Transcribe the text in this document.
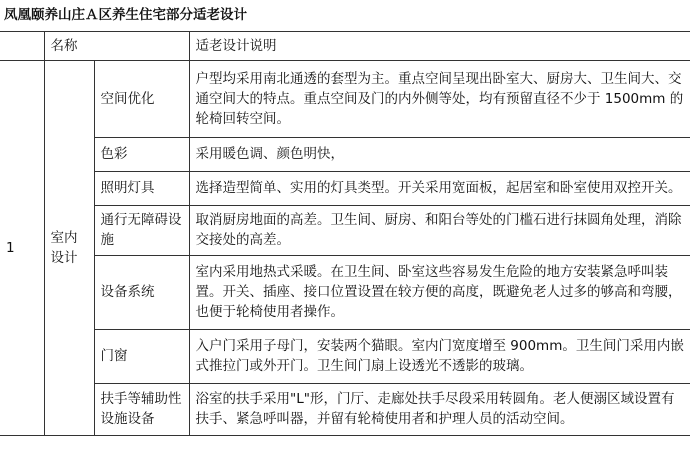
凤凰颐养山庄Ａ区养生住宅部分适老设计
	名称		适老设计说明
1	室内设计	空间优化	户型均采用南北通透的套型为主。重点空间呈现出卧室大、厨房大、卫生间大、交通空间大的特点。重点空间及门的内外侧等处，均有预留直径不少于 1500mm 的轮椅回转空间。
		色彩	采用暖色调、颜色明快，
		照明灯具	选择造型简单、实用的灯具类型。开关采用宽面板，起居室和卧室使用双控开关。
		通行无障碍设施	取消厨房地面的高差。卫生间、厨房、和阳台等处的门槛石进行抹圆角处理，消除交接处的高差。
		设备系统	室内采用地热式采暖。在卫生间、卧室这些容易发生危险的地方安装紧急呼叫装置。开关、插座、接口位置设置在较方便的高度，既避免老人过多的够高和弯腰，也便于轮椅使用者操作。
		门窗	入户门采用子母门，安装两个猫眼。室内门宽度增至 900mm。卫生间门采用内嵌式推拉门或外开门。卫生间门扇上设透光不透影的玻璃。
		扶手等辅助性设施设备	浴室的扶手采用"L"形，门厅、走廊处扶手尽段采用转圆角。老人便溺区域设置有扶手、紧急呼叫器，并留有轮椅使用者和护理人员的活动空间。
